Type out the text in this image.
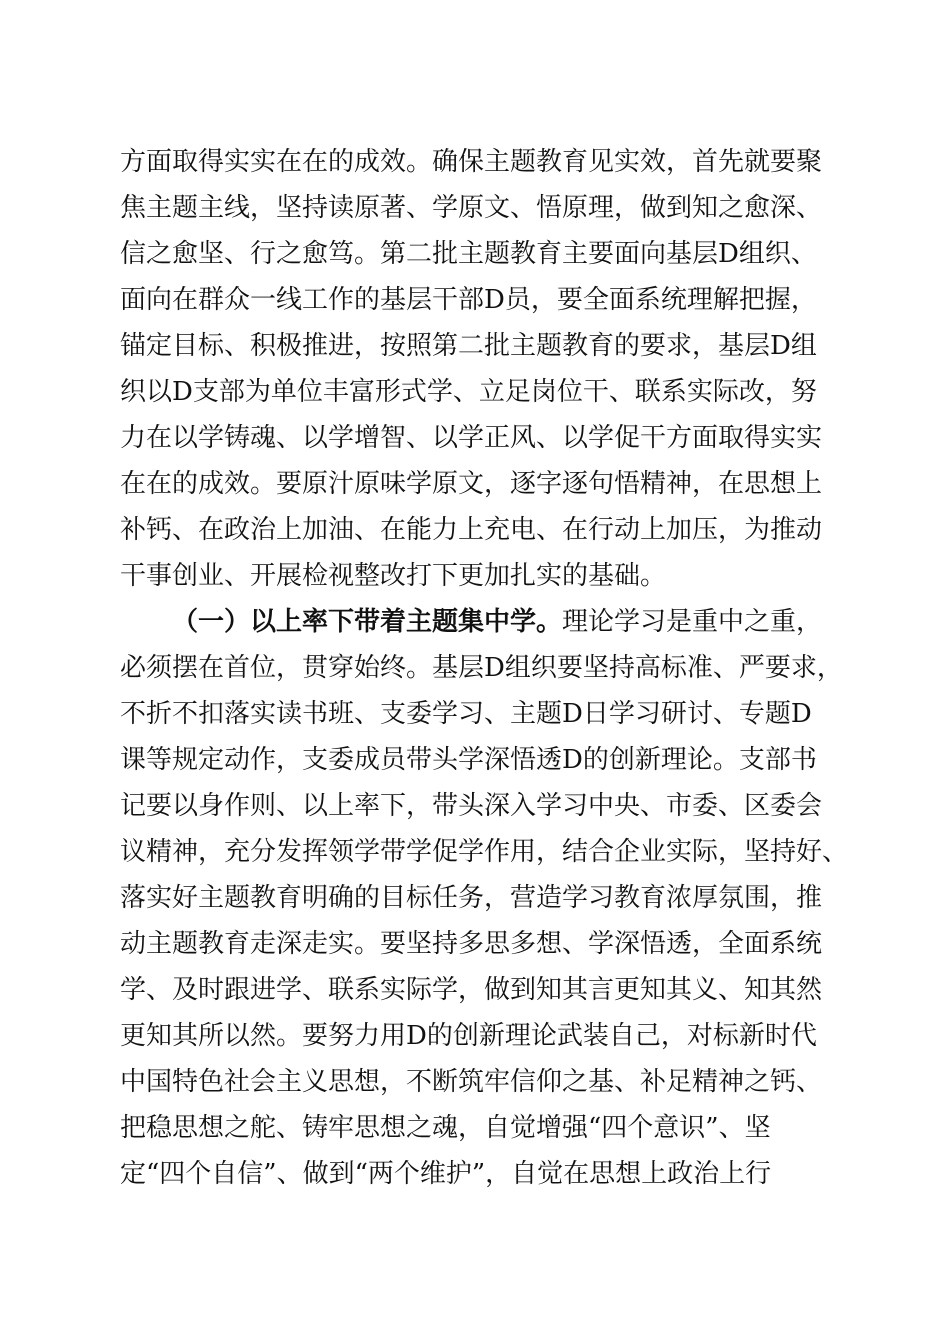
方面取得实实在在的成效。确保主题教育见实效，首先就要聚
焦主题主线，坚持读原著、学原文、悟原理，做到知之愈深、
信之愈坚、行之愈笃。第二批主题教育主要面向基层D组织、
面向在群众一线工作的基层干部D员，要全面系统理解把握，
锚定目标、积极推进，按照第二批主题教育的要求，基层D组
织以D支部为单位丰富形式学、立足岗位干、联系实际改，努
力在以学铸魂、以学增智、以学正风、以学促干方面取得实实
在在的成效。要原汁原味学原文，逐字逐句悟精神，在思想上
补钙、在政治上加油、在能力上充电、在行动上加压，为推动
干事创业、开展检视整改打下更加扎实的基础。
（一）以上率下带着主题集中学。理论学习是重中之重，
必须摆在首位，贯穿始终。基层D组织要坚持高标准、严要求，
不折不扣落实读书班、支委学习、主题D日学习研讨、专题D
课等规定动作，支委成员带头学深悟透D的创新理论。支部书
记要以身作则、以上率下，带头深入学习中央、市委、区委会
议精神，充分发挥领学带学促学作用，结合企业实际，坚持好、
落实好主题教育明确的目标任务，营造学习教育浓厚氛围，推
动主题教育走深走实。要坚持多思多想、学深悟透，全面系统
学、及时跟进学、联系实际学，做到知其言更知其义、知其然
更知其所以然。要努力用D的创新理论武装自己，对标新时代
中国特色社会主义思想，不断筑牢信仰之基、补足精神之钙、
把稳思想之舵、铸牢思想之魂，自觉增强“四个意识”、坚
定“四个自信”、做到“两个维护”，自觉在思想上政治上行
